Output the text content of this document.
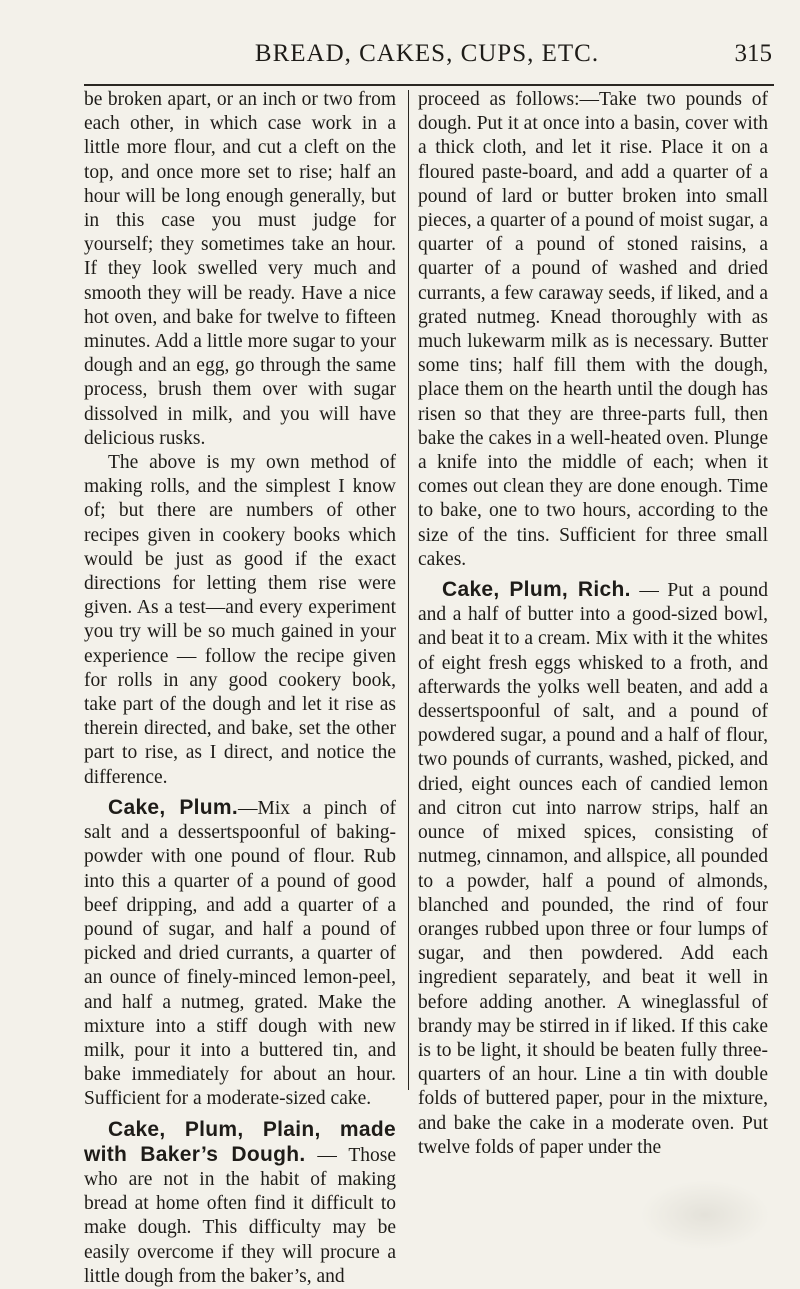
BREAD, CAKES, CUPS, ETC.	315

be broken apart, or an inch or two from each other, in which case work in a little more flour, and cut a cleft on the top, and once more set to rise; half an hour will be long enough generally, but in this case you must judge for yourself; they sometimes take an hour. If they look swelled very much and smooth they will be ready. Have a nice hot oven, and bake for twelve to fifteen minutes. Add a little more sugar to your dough and an egg, go through the same process, brush them over with sugar dissolved in milk, and you will have delicious rusks.

The above is my own method of making rolls, and the simplest I know of; but there are numbers of other recipes given in cookery books which would be just as good if the exact directions for letting them rise were given. As a test—and every experiment you try will be so much gained in your experience — follow the recipe given for rolls in any good cookery book, take part of the dough and let it rise as therein directed, and bake, set the other part to rise, as I direct, and notice the difference.

Cake, Plum.—Mix a pinch of salt and a dessertspoonful of baking-powder with one pound of flour. Rub into this a quarter of a pound of good beef dripping, and add a quarter of a pound of sugar, and half a pound of picked and dried currants, a quarter of an ounce of finely-minced lemon-peel, and half a nutmeg, grated. Make the mixture into a stiff dough with new milk, pour it into a buttered tin, and bake immediately for about an hour. Sufficient for a moderate-sized cake.

Cake, Plum, Plain, made with Baker’s Dough. — Those who are not in the habit of making bread at home often find it difficult to make dough. This difficulty may be easily overcome if they will procure a little dough from the baker’s, and

proceed as follows:—Take two pounds of dough. Put it at once into a basin, cover with a thick cloth, and let it rise. Place it on a floured paste-board, and add a quarter of a pound of lard or butter broken into small pieces, a quarter of a pound of moist sugar, a quarter of a pound of stoned raisins, a quarter of a pound of washed and dried currants, a few caraway seeds, if liked, and a grated nutmeg. Knead thoroughly with as much lukewarm milk as is necessary. Butter some tins; half fill them with the dough, place them on the hearth until the dough has risen so that they are three-parts full, then bake the cakes in a well-heated oven. Plunge a knife into the middle of each; when it comes out clean they are done enough. Time to bake, one to two hours, according to the size of the tins. Sufficient for three small cakes.

Cake, Plum, Rich. — Put a pound and a half of butter into a good-sized bowl, and beat it to a cream. Mix with it the whites of eight fresh eggs whisked to a froth, and afterwards the yolks well beaten, and add a dessertspoonful of salt, and a pound of powdered sugar, a pound and a half of flour, two pounds of currants, washed, picked, and dried, eight ounces each of candied lemon and citron cut into narrow strips, half an ounce of mixed spices, consisting of nutmeg, cinnamon, and allspice, all pounded to a powder, half a pound of almonds, blanched and pounded, the rind of four oranges rubbed upon three or four lumps of sugar, and then powdered. Add each ingredient separately, and beat it well in before adding another. A wineglassful of brandy may be stirred in if liked. If this cake is to be light, it should be beaten fully three-quarters of an hour. Line a tin with double folds of buttered paper, pour in the mixture, and bake the cake in a moderate oven. Put twelve folds of paper under the
